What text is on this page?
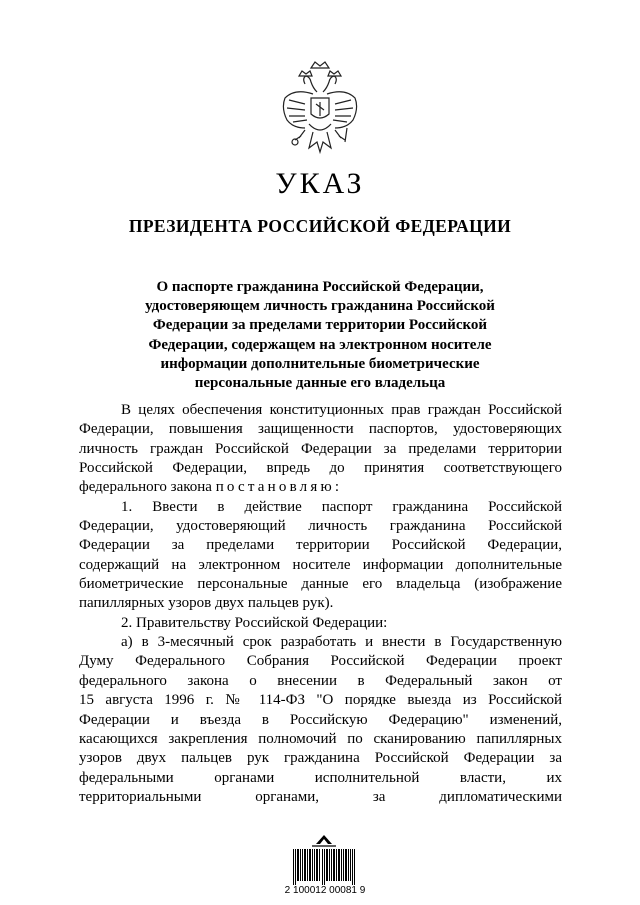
УКАЗ
ПРЕЗИДЕНТА РОССИЙСКОЙ ФЕДЕРАЦИИ
О паспорте гражданина Российской Федерации,
удостоверяющем личность гражданина Российской
Федерации за пределами территории Российской
Федерации, содержащем на электронном носителе
информации дополнительные биометрические
персональные данные его владельца
В целях обеспечения конституционных прав граждан Российской
Федерации, повышения защищенности паспортов, удостоверяющих
личность граждан Российской Федерации за пределами территории
Российской Федерации, впредь до принятия соответствующего
федерального закона постановляю:
1. Ввести в действие паспорт гражданина Российской
Федерации, удостоверяющий личность гражданина Российской
Федерации за пределами территории Российской Федерации,
содержащий на электронном носителе информации дополнительные
биометрические персональные данные его владельца (изображение
папиллярных узоров двух пальцев рук).
2. Правительству Российской Федерации:
а) в 3-месячный срок разработать и внести в Государственную
Думу Федерального Собрания Российской Федерации проект
федерального закона о внесении в Федеральный закон от
15 августа 1996 г. № 114-ФЗ "О порядке выезда из Российской
Федерации и въезда в Российскую Федерацию" изменений,
касающихся закрепления полномочий по сканированию папиллярных
узоров двух пальцев рук гражданина Российской Федерации за
федеральными органами исполнительной власти, их
территориальными органами, за дипломатическими
2 100012 00081 9
